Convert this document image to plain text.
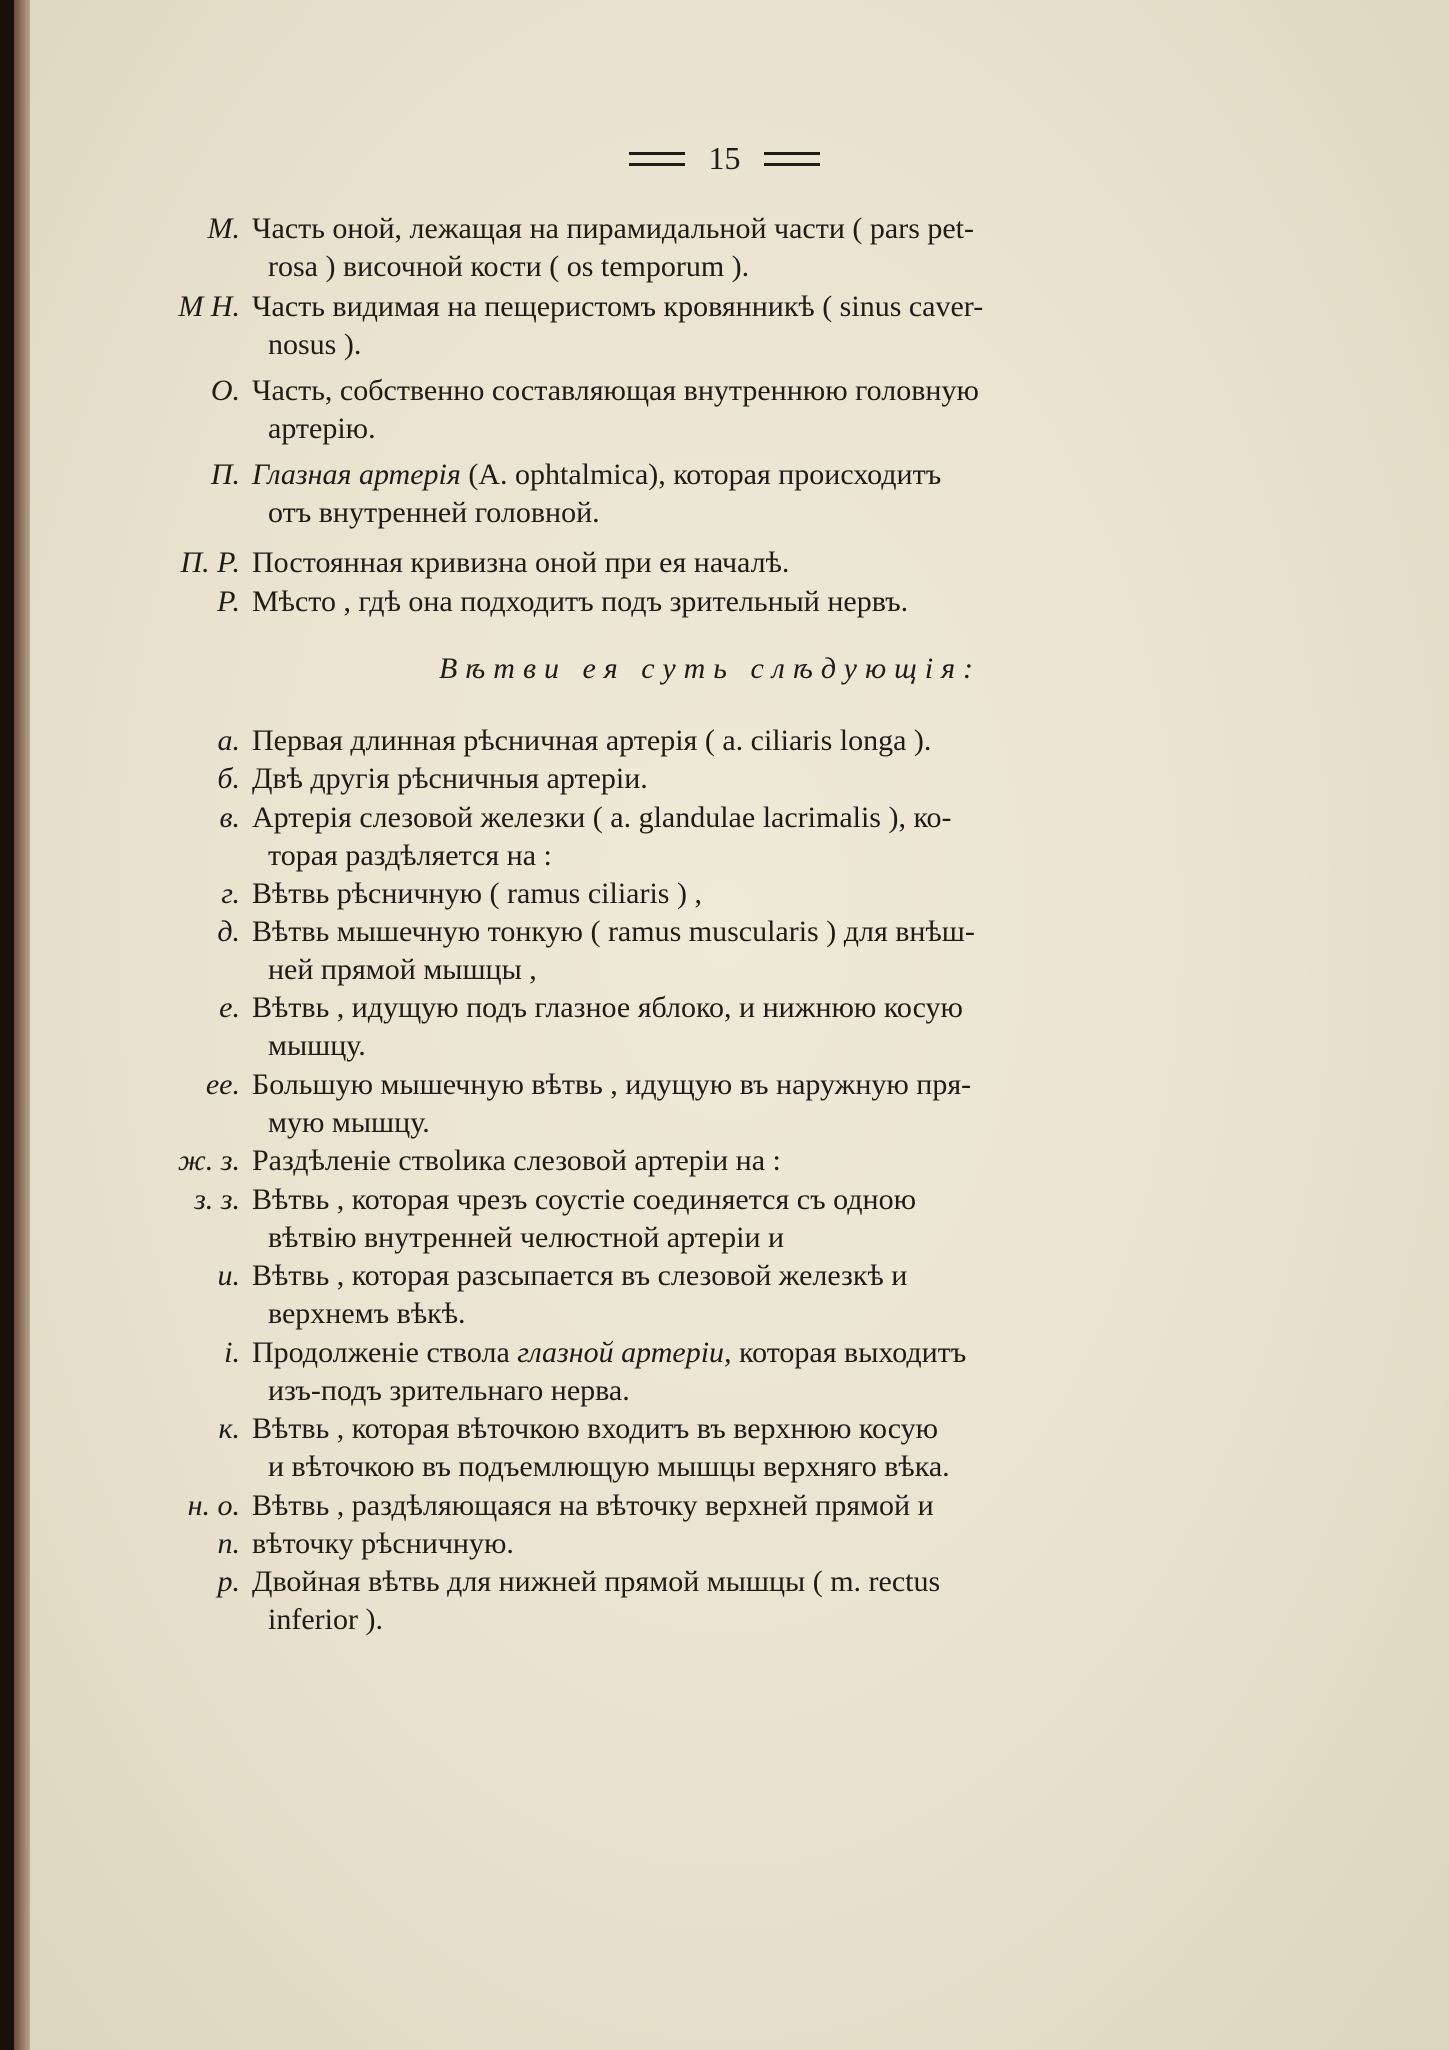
15
М. Часть оной, лежащая на пирамидальной части ( pars pet-
rosa ) височной кости ( os temporum ).
М Н. Часть видимая на пещеристомъ кровянникѣ ( sinus caver-
nosus ).
О. Часть, собственно составляющая внутреннюю головную
артерію.
П. Глазная артерія (A. ophtalmica), которая происходитъ
отъ внутренней головной.
П. Р. Постоянная кривизна оной при ея началѣ.
Р. Мѣсто , гдѣ она подходитъ подъ зрительный нервъ.
Вѣтви ея суть слѣдующія:
а. Первая длинная рѣсничная артерія ( a. ciliaris longa ).
б. Двѣ другія рѣсничныя артеріи.
в. Артерія слезовой железки ( a. glandulae lacrimalis ), ко-
торая раздѣляется на :
г. Вѣтвь рѣсничную ( ramus ciliaris ) ,
д. Вѣтвь мышечную тонкую ( ramus muscularis ) для внѣш-
ней прямой мышцы ,
е. Вѣтвь , идущую подъ глазное яблоко, и нижнюю косую
мышцу.
ее. Большую мышечную вѣтвь , идущую въ наружную пря-
мую мышцу.
ж. з. Раздѣленіе ствolика слезовой артеріи на :
з. з. Вѣтвь , которая чрезъ соустіе соединяется съ одною
вѣтвію внутренней челюстной артеріи и
и. Вѣтвь , которая разсыпается въ слезовой железкѣ и
верхнемъ вѣкѣ.
і. Продолженіе ствола глазной артеріи, которая выходитъ
изъ-подъ зрительнаго нерва.
к. Вѣтвь , которая вѣточкою входитъ въ верхнюю косую
и вѣточкою въ подъемлющую мышцы верхняго вѣка.
н. о. Вѣтвь , раздѣляющаяся на вѣточку верхней прямой и
п. вѣточку рѣсничную.
р. Двойная вѣтвь для нижней прямой мышцы ( m. rectus
inferior ).
